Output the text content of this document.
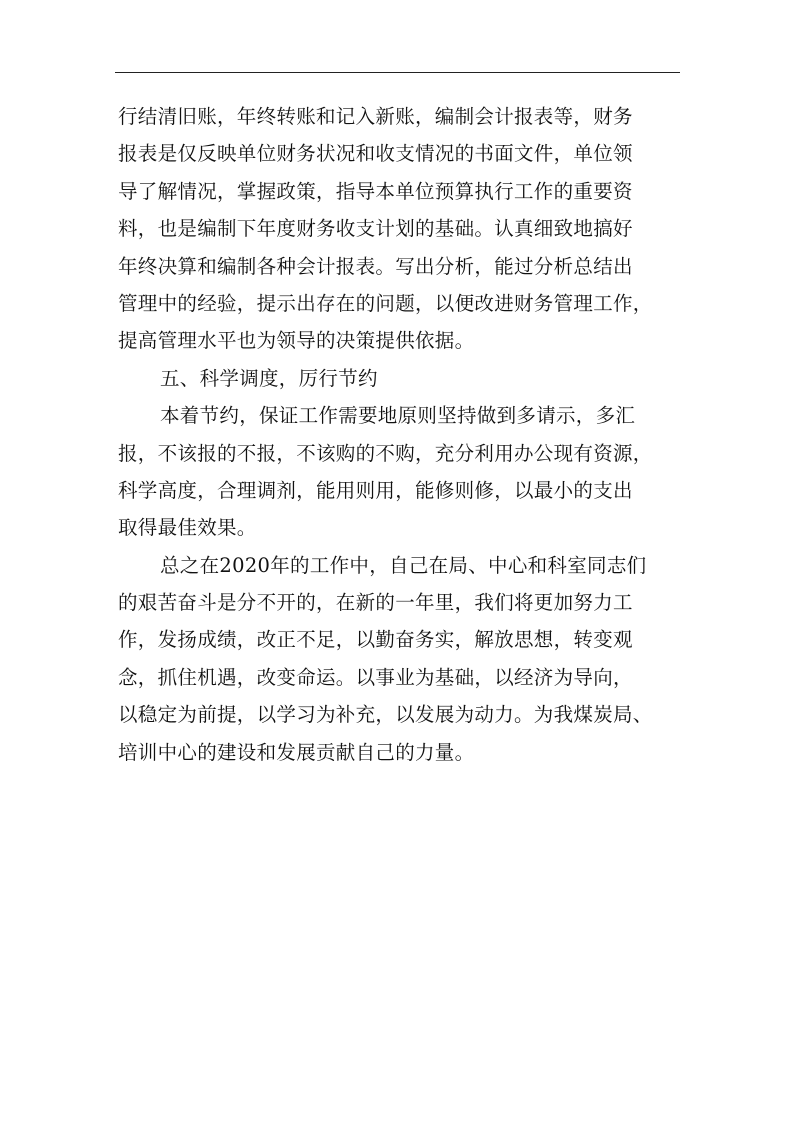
行结清旧账，年终转账和记入新账，编制会计报表等，财务
报表是仅反映单位财务状况和收支情况的书面文件，单位领
导了解情况，掌握政策，指导本单位预算执行工作的重要资
料，也是编制下年度财务收支计划的基础。认真细致地搞好
年终决算和编制各种会计报表。写出分析，能过分析总结出
管理中的经验，提示出存在的问题，以便改进财务管理工作，
提高管理水平也为领导的决策提供依据。
五、科学调度，厉行节约
本着节约，保证工作需要地原则坚持做到多请示，多汇
报，不该报的不报，不该购的不购，充分利用办公现有资源，
科学高度，合理调剂，能用则用，能修则修，以最小的支出
取得最佳效果。
总之在2020年的工作中，自己在局、中心和科室同志们
的艰苦奋斗是分不开的，在新的一年里，我们将更加努力工
作，发扬成绩，改正不足，以勤奋务实，解放思想，转变观
念，抓住机遇，改变命运。以事业为基础，以经济为导向，
以稳定为前提，以学习为补充，以发展为动力。为我煤炭局、
培训中心的建设和发展贡献自己的力量。
